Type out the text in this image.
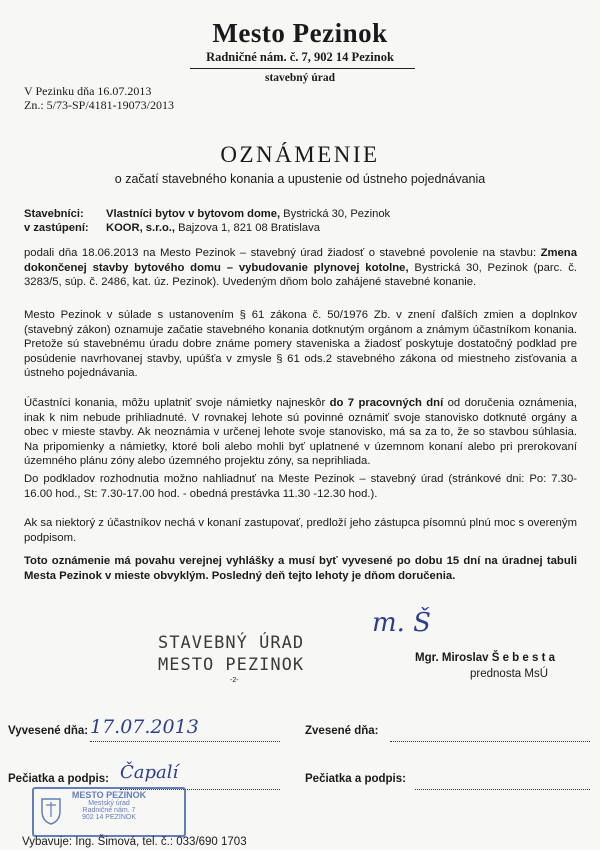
Mesto Pezinok
Radničné nám. č. 7, 902 14 Pezinok
stavebný úrad
V Pezinku dňa 16.07.2013
Zn.: 5/73-SP/4181-19073/2013
OZNÁMENIE
o začatí stavebného konania a upustenie od ústneho pojednávania
Stavebníci: Vlastníci bytov v bytovom dome, Bystrická 30, Pezinok
v zastúpení: KOOR, s.r.o., Bajzova 1, 821 08 Bratislava
podali dňa 18.06.2013 na Mesto Pezinok – stavebný úrad žiadosť o stavebné povolenie na stavbu: Zmena dokončenej stavby bytového domu – vybudovanie plynovej kotolne, Bystrická 30, Pezinok (parc. č. 3283/5, súp. č. 2486, kat. úz. Pezinok). Uvedeným dňom bolo zahájené stavebné konanie.
Mesto Pezinok v súlade s ustanovením § 61 zákona č. 50/1976 Zb. v znení ďalších zmien a doplnkov (stavebný zákon) oznamuje začatie stavebného konania dotknutým orgánom a známym účastníkom konania. Pretože sú stavebnému úradu dobre známe pomery staveniska a žiadosť poskytuje dostatočný podklad pre posúdenie navrhovanej stavby, upúšťa v zmysle § 61 ods.2 stavebného zákona od miestneho zisťovania a ústneho pojednávania.
Účastníci konania, môžu uplatniť svoje námietky najneskôr do 7 pracovných dní od doručenia oznámenia, inak k nim nebude prihliadnuté. V rovnakej lehote sú povinné oznámiť svoje stanovisko dotknuté orgány a obec v mieste stavby. Ak neoznámia v určenej lehote svoje stanovisko, má sa za to, že so stavbou súhlasia. Na pripomienky a námietky, ktoré boli alebo mohli byť uplatnené v územnom konaní alebo pri prerokovaní územného plánu zóny alebo územného projektu zóny, sa neprihliada.
Do podkladov rozhodnutia možno nahliadnuť na Meste Pezinok – stavebný úrad (stránkové dni: Po: 7.30-16.00 hod., St: 7.30-17.00 hod. - obedná prestávka 11.30 -12.30 hod.).
Ak sa niektorý z účastníkov nechá v konaní zastupovať, predloží jeho zástupca písomnú plnú moc s overeným podpisom.
Toto oznámenie má povahu verejnej vyhlášky a musí byť vyvesené po dobu 15 dní na úradnej tabuli Mesta Pezinok v mieste obvyklým. Posledný deň tejto lehoty je dňom doručenia.
STAVEBNÝ ÚRAD
MESTO PEZINOK
-2-
m. Š
Mgr. Miroslav Š e b e s t a
prednosta MsÚ
Vyvesené dňa: 17.07.2013	Zvesené dňa:
Pečiatka a podpis: Čapalí	Pečiatka a podpis:
MESTO PEZINOK
Mestský úrad
Radničné nám. 7
902 14 PEZINOK
Vybavuje: Ing. Šimová, tel. č.: 033/690 1703
